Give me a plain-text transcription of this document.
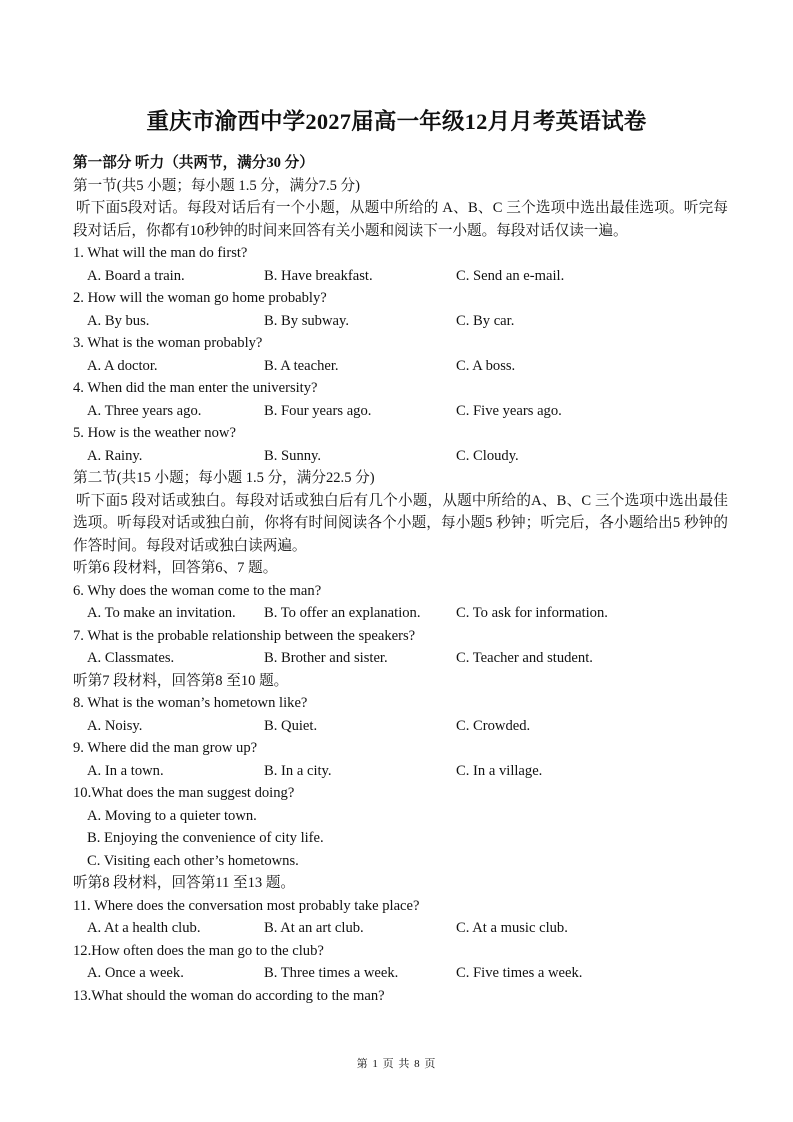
重庆市渝西中学2027届高一年级12月月考英语试卷
第一部分 听力（共两节，满分30 分）
第一节(共5 小题；每小题 1.5 分，满分7.5 分)
听下面5段对话。每段对话后有一个小题，从题中所给的 A、B、C 三个选项中选出最佳选项。听完每段对话后，你都有10秒钟的时间来回答有关小题和阅读下一小题。每段对话仅读一遍。
1. What will the man do first?
A. Board a train.	B. Have breakfast.	C. Send an e-mail.
2. How will the woman go home probably?
A. By bus.	B. By subway.	C. By car.
3. What is the woman probably?
A. A doctor.	B. A teacher.	C. A boss.
4. When did the man enter the university?
A. Three years ago.	B. Four years ago.	C. Five years ago.
5. How is the weather now?
A. Rainy.	B. Sunny.	C. Cloudy.
第二节(共15 小题；每小题 1.5 分，满分22.5 分)
听下面5 段对话或独白。每段对话或独白后有几个小题，从题中所给的A、B、C 三个选项中选出最佳选项。听每段对话或独白前，你将有时间阅读各个小题，每小题5 秒钟；听完后，各小题给出5 秒钟的 作答时间。每段对话或独白读两遍。
听第6 段材料，回答第6、7 题。
6. Why does the woman come to the man?
A. To make an invitation. B. To offer an explanation. C. To ask for information.
7. What is the probable relationship between the speakers?
A. Classmates.	B. Brother and sister.	C. Teacher and student.
听第7 段材料，回答第8 至10 题。
8. What is the woman’s hometown like?
A. Noisy.	B. Quiet.	C. Crowded.
9. Where did the man grow up?
A. In a town.	B. In a city.	C. In a village.
10.What does the man suggest doing?
A. Moving to a quieter town.
B. Enjoying the convenience of city life.
C. Visiting each other’s hometowns.
听第8 段材料，回答第11 至13 题。
11. Where does the conversation most probably take place?
A. At a health club.	B. At an art club.	C. At a music club.
12.How often does the man go to the club?
A. Once a week.	B. Three times a week.	C. Five times a week.
13.What should the woman do according to the man?
第 1 页 共 8 页
